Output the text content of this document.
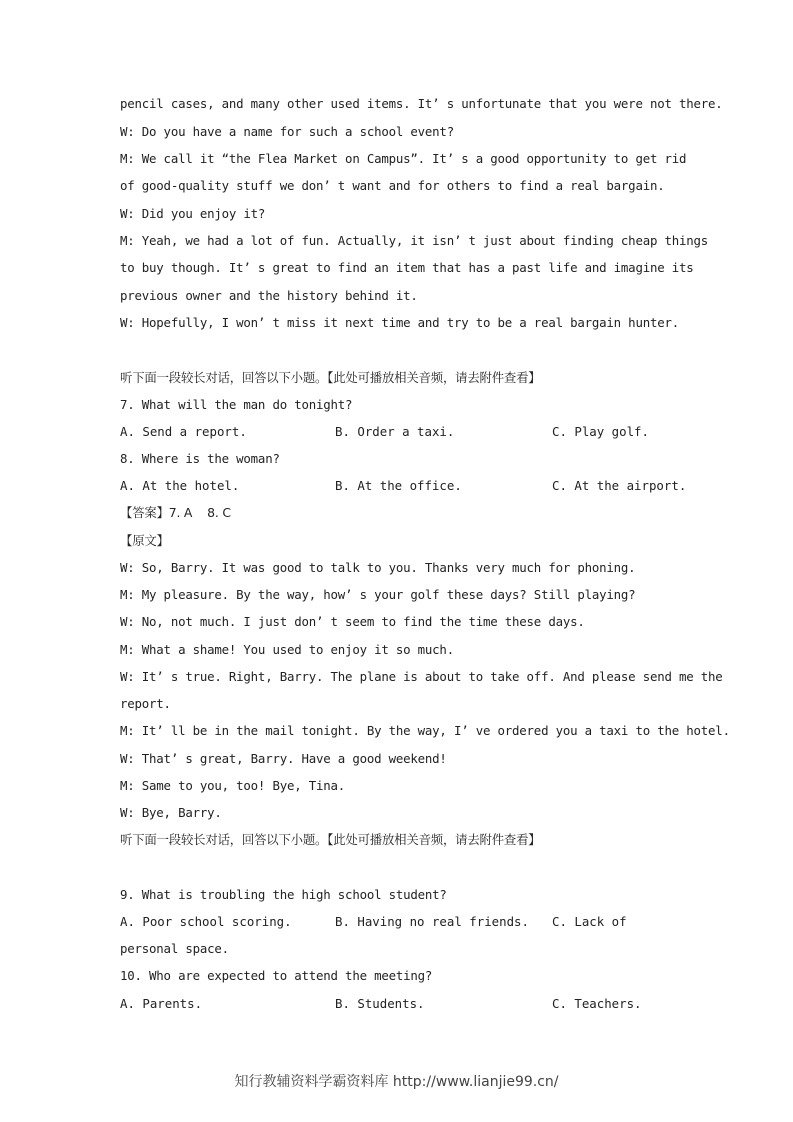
pencil cases, and many other used items. It’ s unfortunate that you were not there.
W: Do you have a name for such a school event?
M: We call it “the Flea Market on Campus”. It’ s a good opportunity to get rid
of good-quality stuff we don’ t want and for others to find a real bargain.
W: Did you enjoy it?
M: Yeah, we had a lot of fun. Actually, it isn’ t just about finding cheap things
to buy though. It’ s great to find an item that has a past life and imagine its
previous owner and the history behind it.
W: Hopefully, I won’ t miss it next time and try to be a real bargain hunter.
听下面一段较长对话，回答以下小题。【此处可播放相关音频，请去附件查看】
7. What will the man do tonight?
A. Send a report.	B. Order a taxi.	C. Play golf.
8. Where is the woman?
A. At the hotel.	B. At the office.	C. At the airport.
【答案】7. A    8. C
【原文】
W: So, Barry. It was good to talk to you. Thanks very much for phoning.
M: My pleasure. By the way, how’ s your golf these days? Still playing?
W: No, not much. I just don’ t seem to find the time these days.
M: What a shame! You used to enjoy it so much.
W: It’ s true. Right, Barry. The plane is about to take off. And please send me the
report.
M: It’ ll be in the mail tonight. By the way, I’ ve ordered you a taxi to the hotel.
W: That’ s great, Barry. Have a good weekend!
M: Same to you, too! Bye, Tina.
W: Bye, Barry.
听下面一段较长对话，回答以下小题。【此处可播放相关音频，请去附件查看】
9. What is troubling the high school student?
A. Poor school scoring.	B. Having no real friends. C. Lack of
personal space.
10. Who are expected to attend the meeting?
A. Parents.	B. Students.	C. Teachers.
知行教辅资料学霸资料库 http://www.lianjie99.cn/
